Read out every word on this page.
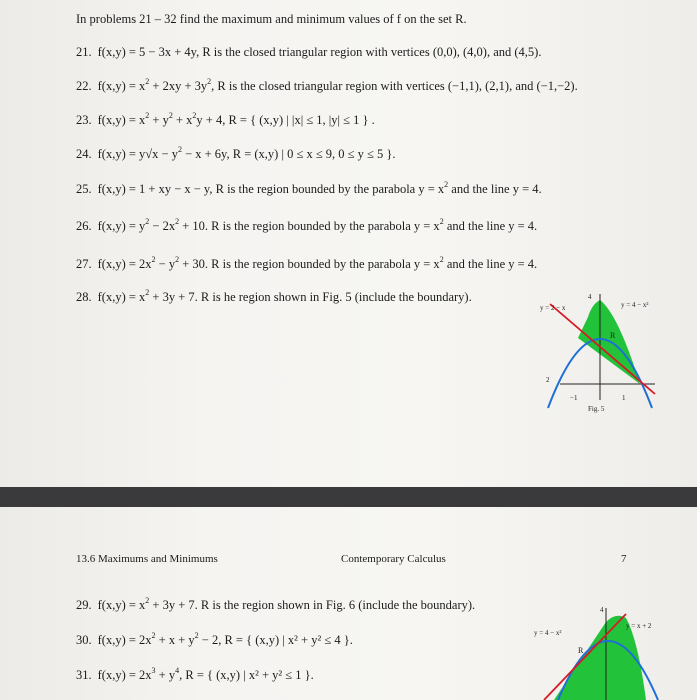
In problems 21 – 32 find the maximum and minimum values of f on the set R.
21. f(x,y) = 5 − 3x + 4y, R is the closed triangular region with vertices (0,0), (4,0), and (4,5).
22. $f(x,y) = x^2 + 2xy + 3y^2$, R is the closed triangular region with vertices (−1,1), (2,1), and (−1,−2).
23. $f(x,y) = x^2 + y^2 + x^2y + 4$, R = { (x,y) | |x| ≤ 1, |y| ≤ 1 } .
24. $f(x,y) = y√x - y^2 - x + 6y$, R = (x,y) | 0 ≤ x ≤ 9, 0 ≤ y ≤ 5 }.
25. f(x,y) = 1 + xy − x − y, R is the region bounded by the parabola $y = x^2$ and the line y = 4.
26. $f(x,y) = y^2 - 2x^2 + 10$. R is the region bounded by the parabola $y = x^2$ and the line y = 4.
27. $f(x,y) = 2x^2 - y^2 + 30$. R is the region bounded by the parabola $y = x^2$ and the line y = 4.
28. $f(x,y) = x^2 + 3y + 7$. R is he region shown in Fig. 5 (include the boundary).
y = 2 − x	y = 4 − x²
R
4
2
−1	1
Fig. 5
13.6 Maximums and Minimums	Contemporary Calculus	7
29. $f(x,y) = x^2 + 3y + 7$. R is the region shown in Fig. 6 (include the boundary).
30. $f(x,y) = 2x^2 + x + y^2 - 2$, R = { (x,y) | x² + y² ≤ 4 }.
31. $f(x,y) = 2x^3 + y^4$, R = { (x,y) | x² + y² ≤ 1 }.
y = 4 − x²
y = x + 2
R
4
